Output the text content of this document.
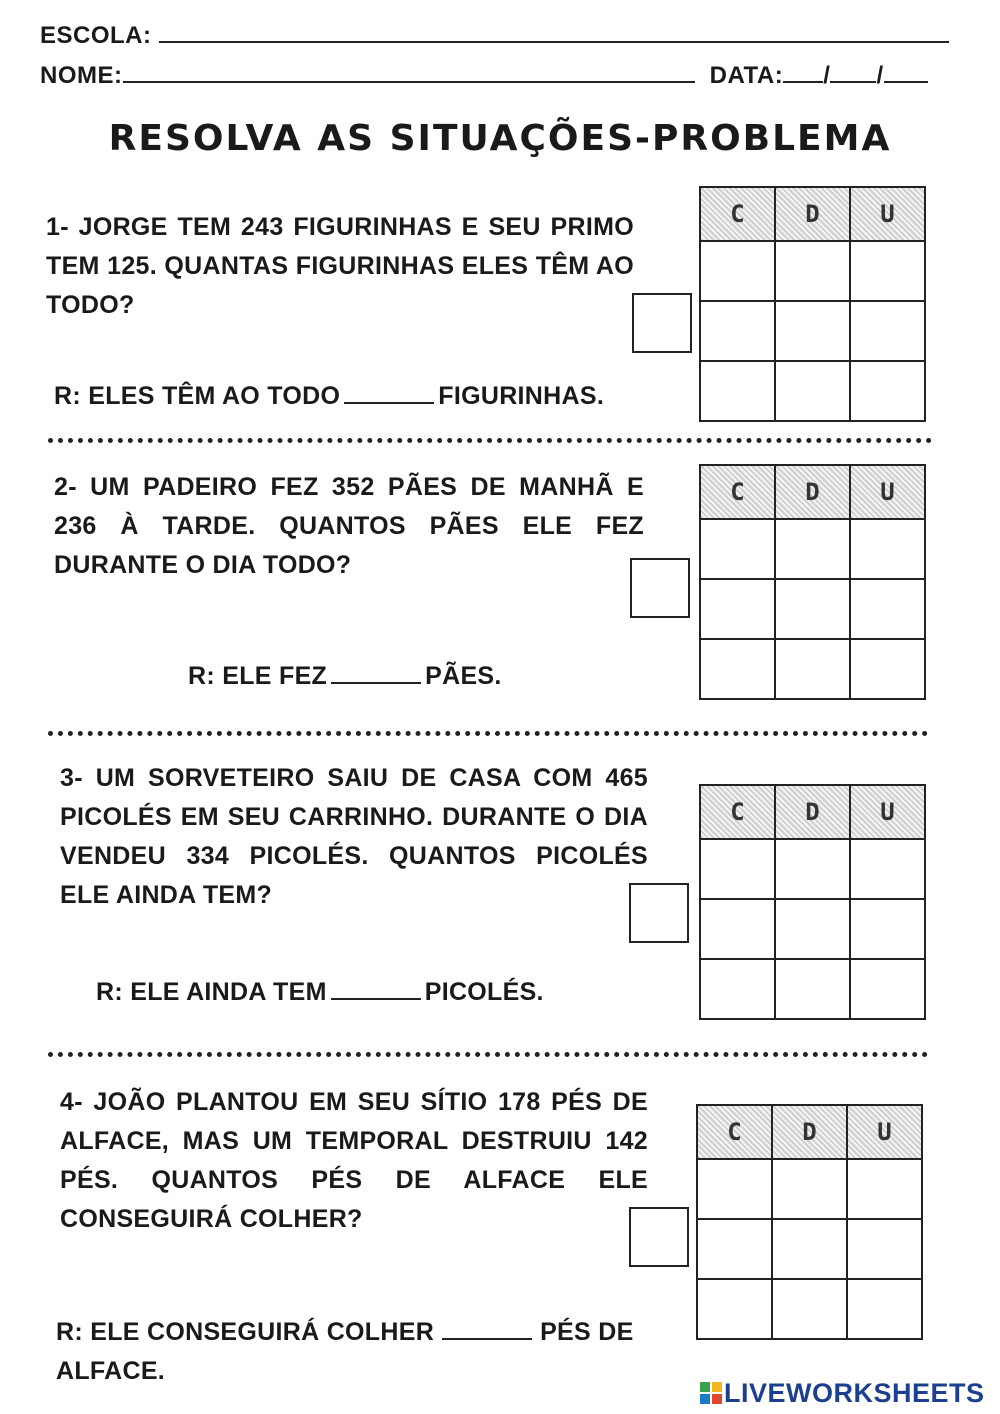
ESCOLA:
NOME:	DATA: / /
RESOLVA AS SITUAÇÕES-PROBLEMA
1- JORGE TEM 243 FIGURINHAS E SEU PRIMO TEM 125. QUANTAS FIGURINHAS ELES TÊM AO TODO?
R: ELES TÊM AO TODO	FIGURINHAS.
C	D	U

2- UM PADEIRO FEZ 352 PÃES DE MANHÃ E 236 À TARDE. QUANTOS PÃES ELE FEZ DURANTE O DIA TODO?
R: ELE FEZ	PÃES.
C	D	U

3- UM SORVETEIRO SAIU DE CASA COM 465 PICOLÉS EM SEU CARRINHO. DURANTE O DIA VENDEU 334 PICOLÉS. QUANTOS PICOLÉS ELE AINDA TEM?
R: ELE AINDA TEM	PICOLÉS.
C	D	U

4- JOÃO PLANTOU EM SEU SÍTIO 178 PÉS DE ALFACE, MAS UM TEMPORAL DESTRUIU 142 PÉS. QUANTOS PÉS DE ALFACE ELE CONSEGUIRÁ COLHER?
R: ELE CONSEGUIRÁ COLHER	PÉS DE ALFACE.
C	D	U

LIVEWORKSHEETS
